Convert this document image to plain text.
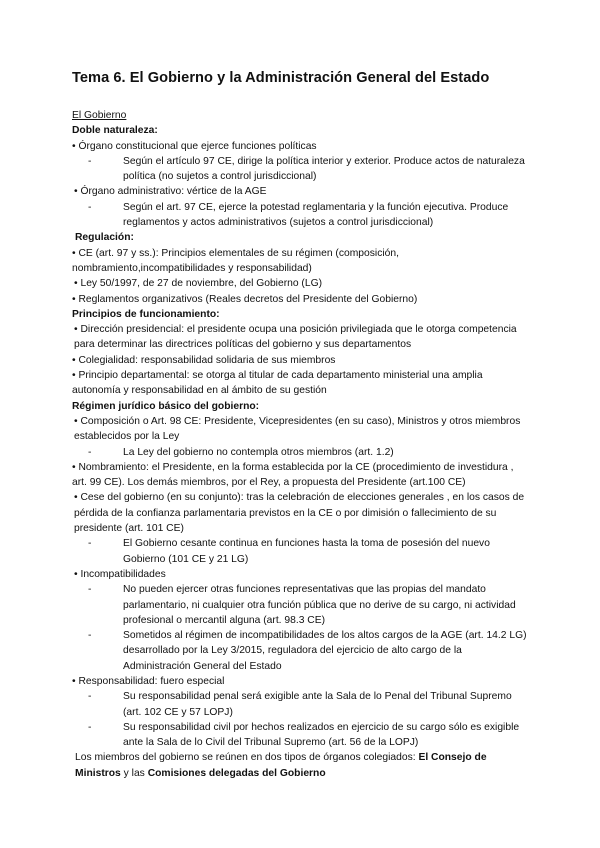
Tema 6. El Gobierno y la Administración General del Estado

El Gobierno

Doble naturaleza:

• Órgano constitucional que ejerce funciones políticas

-	Según el artículo 97 CE, dirige la política interior y exterior. Produce actos de naturaleza política (no sujetos a control jurisdiccional)

• Órgano administrativo: vértice de la AGE

-	Según el art. 97 CE, ejerce la potestad reglamentaria y la función ejecutiva. Produce reglamentos y actos administrativos (sujetos a control jurisdiccional)

Regulación:

• CE (art. 97 y ss.): Principios elementales de su régimen (composición, nombramiento,incompatibilidades y responsabilidad)

• Ley 50/1997, de 27 de noviembre, del Gobierno (LG)

• Reglamentos organizativos (Reales decretos del Presidente del Gobierno)

Principios de funcionamiento:

• Dirección presidencial: el presidente ocupa una posición privilegiada que le otorga competencia para determinar las directrices políticas del gobierno y sus departamentos

• Colegialidad: responsabilidad solidaria de sus miembros

• Principio departamental: se otorga al titular de cada departamento ministerial una amplia autonomía y responsabilidad en al ámbito de su gestión

Régimen jurídico básico del gobierno:

• Composición o Art. 98 CE: Presidente, Vicepresidentes (en su caso), Ministros y otros miembros establecidos por la Ley

-	La Ley del gobierno no contempla otros miembros (art. 1.2)

• Nombramiento: el Presidente, en la forma establecida por la CE (procedimiento de investidura , art. 99 CE). Los demás miembros, por el Rey, a propuesta del Presidente (art.100 CE)

• Cese del gobierno (en su conjunto): tras la celebración de elecciones generales , en los casos de pérdida de la confianza parlamentaria previstos en la CE o por dimisión o fallecimiento de su presidente (art. 101 CE)

-	El Gobierno cesante continua en funciones hasta la toma de posesión del nuevo Gobierno (101 CE y 21 LG)

• Incompatibilidades

-	No pueden ejercer otras funciones representativas que las propias del mandato parlamentario, ni cualquier otra función pública que no derive de su cargo, ni actividad profesional o mercantil alguna (art. 98.3 CE)
-	Sometidos al régimen de incompatibilidades de los altos cargos de la AGE (art. 14.2 LG) desarrollado por la Ley 3/2015, reguladora del ejercicio de alto cargo de la Administración General del Estado

• Responsabilidad: fuero especial

-	Su responsabilidad penal será exigible ante la Sala de lo Penal del Tribunal Supremo (art. 102 CE y 57 LOPJ)
-	Su responsabilidad civil por hechos realizados en ejercicio de su cargo sólo es exigible ante la Sala de lo Civil del Tribunal Supremo (art. 56 de la LOPJ)

Los miembros del gobierno se reúnen en dos tipos de órganos colegiados: El Consejo de Ministros y las Comisiones delegadas del Gobierno
